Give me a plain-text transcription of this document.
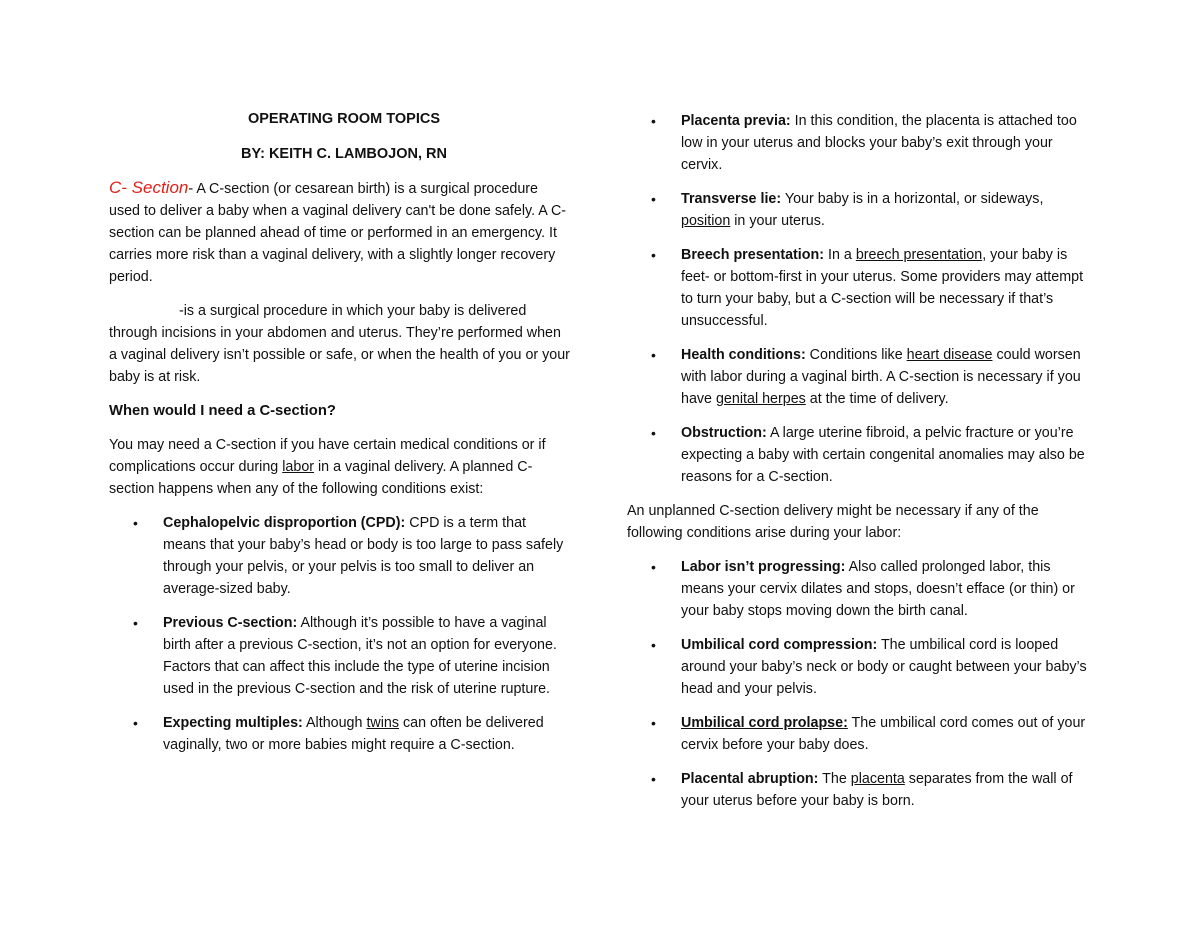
OPERATING ROOM TOPICS

BY: KEITH C. LAMBOJON, RN

C- Section- A C-section (or cesarean birth) is a surgical procedure used to deliver a baby when a vaginal delivery can't be done safely. A C-section can be planned ahead of time or performed in an emergency. It carries more risk than a vaginal delivery, with a slightly longer recovery period.

-is a surgical procedure in which your baby is delivered through incisions in your abdomen and uterus. They’re performed when a vaginal delivery isn’t possible or safe, or when the health of you or your baby is at risk.

When would I need a C-section?

You may need a C-section if you have certain medical conditions or if complications occur during labor in a vaginal delivery. A planned C-section happens when any of the following conditions exist:

• Cephalopelvic disproportion (CPD): CPD is a term that means that your baby’s head or body is too large to pass safely through your pelvis, or your pelvis is too small to deliver an average-sized baby.
• Previous C-section: Although it’s possible to have a vaginal birth after a previous C-section, it’s not an option for everyone. Factors that can affect this include the type of uterine incision used in the previous C-section and the risk of uterine rupture.
• Expecting multiples: Although twins can often be delivered vaginally, two or more babies might require a C-section.
• Placenta previa: In this condition, the placenta is attached too low in your uterus and blocks your baby’s exit through your cervix.
• Transverse lie: Your baby is in a horizontal, or sideways, position in your uterus.
• Breech presentation: In a breech presentation, your baby is feet- or bottom-first in your uterus. Some providers may attempt to turn your baby, but a C-section will be necessary if that’s unsuccessful.
• Health conditions: Conditions like heart disease could worsen with labor during a vaginal birth. A C-section is necessary if you have genital herpes at the time of delivery.
• Obstruction: A large uterine fibroid, a pelvic fracture or you’re expecting a baby with certain congenital anomalies may also be reasons for a C-section.

An unplanned C-section delivery might be necessary if any of the following conditions arise during your labor:

• Labor isn’t progressing: Also called prolonged labor, this means your cervix dilates and stops, doesn’t efface (or thin) or your baby stops moving down the birth canal.
• Umbilical cord compression: The umbilical cord is looped around your baby’s neck or body or caught between your baby’s head and your pelvis.
• Umbilical cord prolapse: The umbilical cord comes out of your cervix before your baby does.
• Placental abruption: The placenta separates from the wall of your uterus before your baby is born.
